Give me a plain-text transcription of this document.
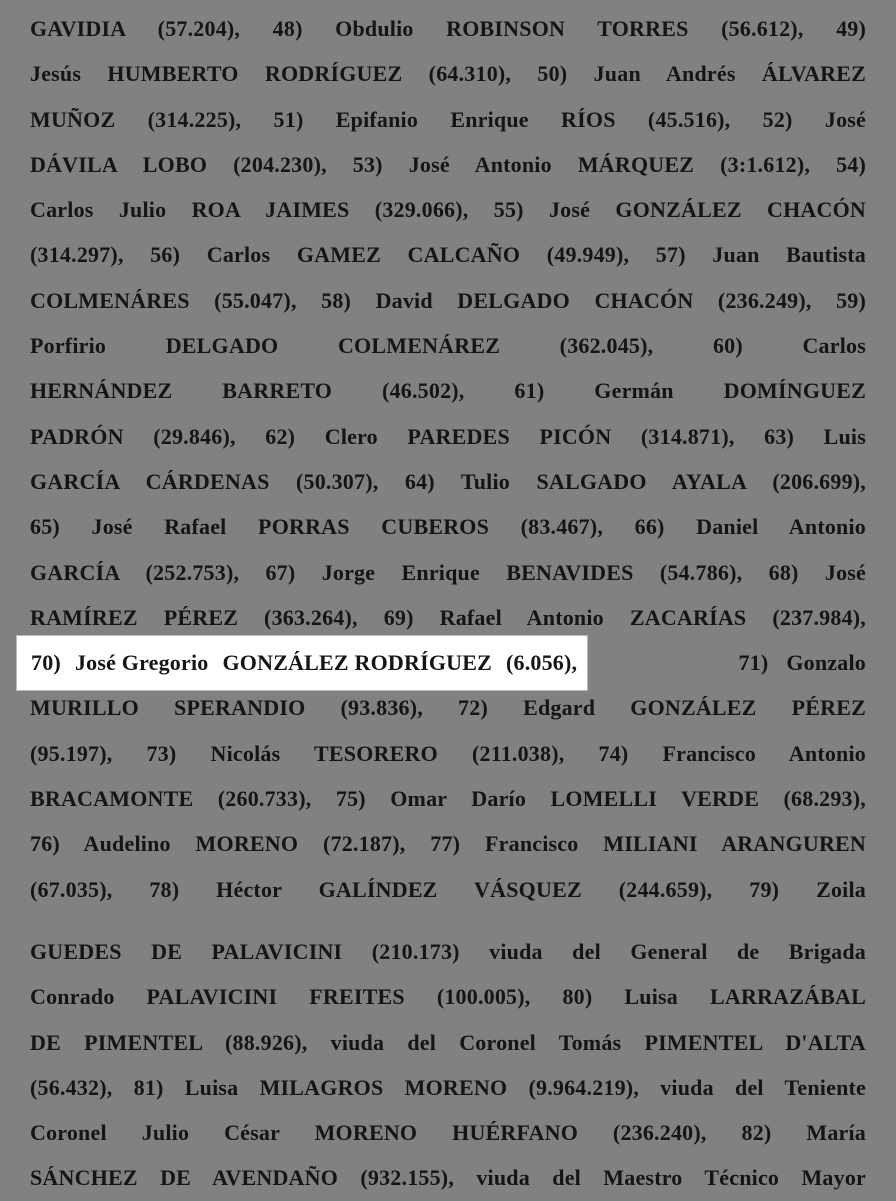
GAVIDIA (57.204), 48) Obdulio ROBINSON TORRES (56.612), 49)
Jesús HUMBERTO RODRÍGUEZ (64.310), 50) Juan Andrés ÁLVAREZ
MUÑOZ (314.225), 51) Epifanio Enrique RÍOS (45.516), 52) José
DÁVILA LOBO (204.230), 53) José Antonio MÁRQUEZ (3:1.612), 54)
Carlos Julio ROA JAIMES (329.066), 55) José GONZÁLEZ CHACÓN
(314.297), 56) Carlos GAMEZ CALCAÑO (49.949), 57) Juan Bautista
COLMENÁRES (55.047), 58) David DELGADO CHACÓN (236.249), 59)
Porfirio DELGADO COLMENÁREZ (362.045), 60) Carlos
HERNÁNDEZ BARRETO (46.502), 61) Germán DOMÍNGUEZ
PADRÓN (29.846), 62) Clero PAREDES PICÓN (314.871), 63) Luis
GARCÍA CÁRDENAS (50.307), 64) Tulio SALGADO AYALA (206.699),
65) José Rafael PORRAS CUBEROS (83.467), 66) Daniel Antonio
GARCÍA (252.753), 67) Jorge Enrique BENAVIDES (54.786), 68) José
RAMÍREZ PÉREZ (363.264), 69) Rafael Antonio ZACARÍAS (237.984),
70) José Gregorio GONZÁLEZ RODRÍGUEZ (6.056),	71) Gonzalo
MURILLO SPERANDIO (93.836), 72) Edgard GONZÁLEZ PÉREZ
(95.197), 73) Nicolás TESORERO (211.038), 74) Francisco Antonio
BRACAMONTE (260.733), 75) Omar Darío LOMELLI VERDE (68.293),
76) Audelino MORENO (72.187), 77) Francisco MILIANI ARANGUREN
(67.035), 78) Héctor GALÍNDEZ VÁSQUEZ (244.659), 79) Zoila
GUEDES DE PALAVICINI (210.173) viuda del General de Brigada
Conrado PALAVICINI FREITES (100.005), 80) Luisa LARRAZÁBAL
DE PIMENTEL (88.926), viuda del Coronel Tomás PIMENTEL D'ALTA
(56.432), 81) Luisa MILAGROS MORENO (9.964.219), viuda del Teniente
Coronel Julio César MORENO HUÉRFANO (236.240), 82) María
SÁNCHEZ DE AVENDAÑO (932.155), viuda del Maestro Técnico Mayor
